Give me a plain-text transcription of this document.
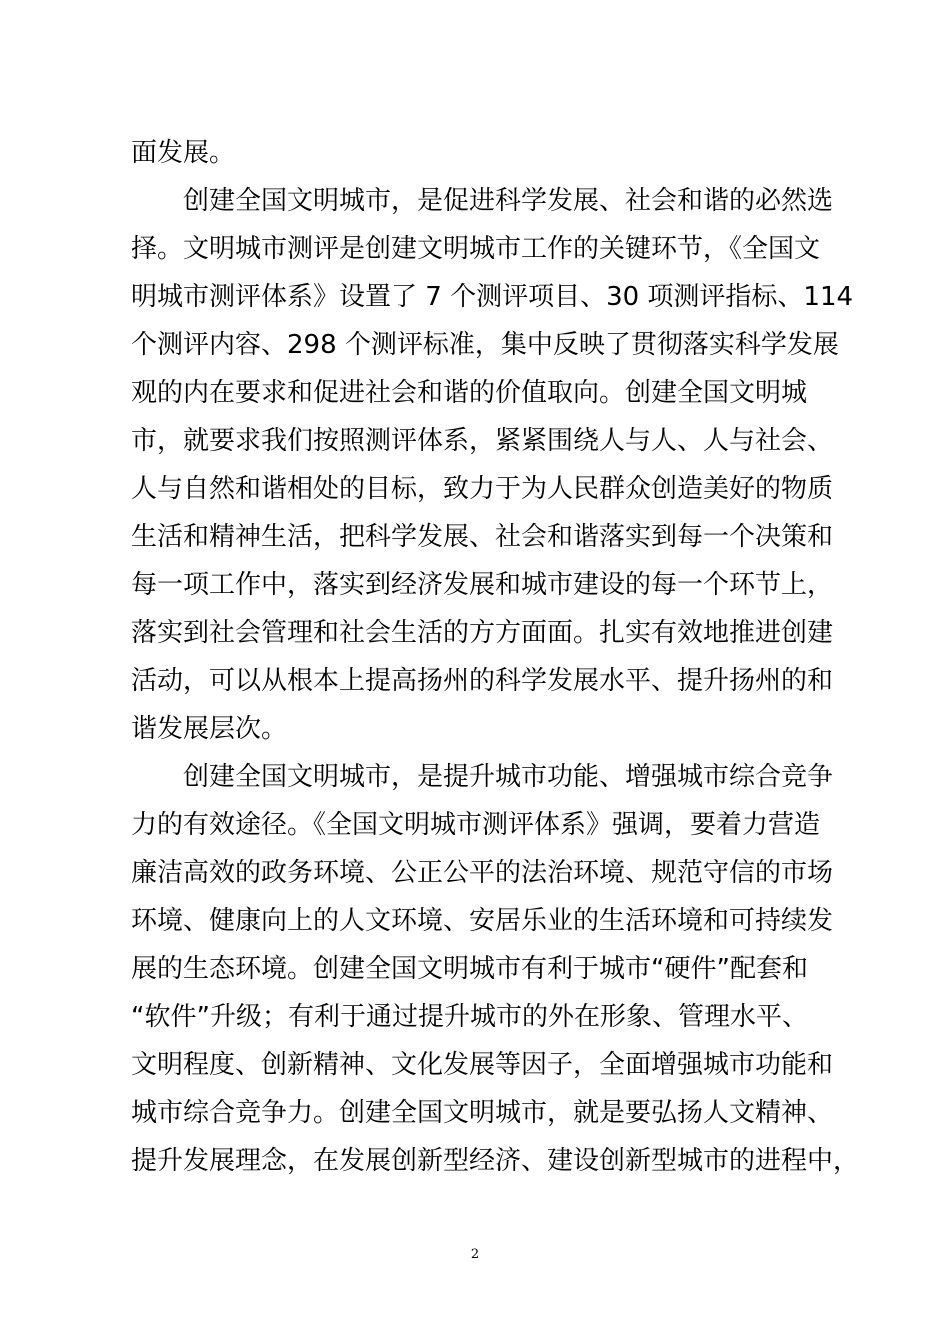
面发展。
创建全国文明城市，是促进科学发展、社会和谐的必然选
择。文明城市测评是创建文明城市工作的关键环节，《全国文
明城市测评体系》设置了 7 个测评项目、30 项测评指标、114
个测评内容、298 个测评标准，集中反映了贯彻落实科学发展
观的内在要求和促进社会和谐的价值取向。创建全国文明城
市，就要求我们按照测评体系，紧紧围绕人与人、人与社会、
人与自然和谐相处的目标，致力于为人民群众创造美好的物质
生活和精神生活，把科学发展、社会和谐落实到每一个决策和
每一项工作中，落实到经济发展和城市建设的每一个环节上，
落实到社会管理和社会生活的方方面面。扎实有效地推进创建
活动，可以从根本上提高扬州的科学发展水平、提升扬州的和
谐发展层次。
创建全国文明城市，是提升城市功能、增强城市综合竞争
力的有效途径。《全国文明城市测评体系》强调，要着力营造
廉洁高效的政务环境、公正公平的法治环境、规范守信的市场
环境、健康向上的人文环境、安居乐业的生活环境和可持续发
展的生态环境。创建全国文明城市有利于城市“硬件”配套和
“软件”升级；有利于通过提升城市的外在形象、管理水平、
文明程度、创新精神、文化发展等因子，全面增强城市功能和
城市综合竞争力。创建全国文明城市，就是要弘扬人文精神、
提升发展理念，在发展创新型经济、建设创新型城市的进程中，
2
